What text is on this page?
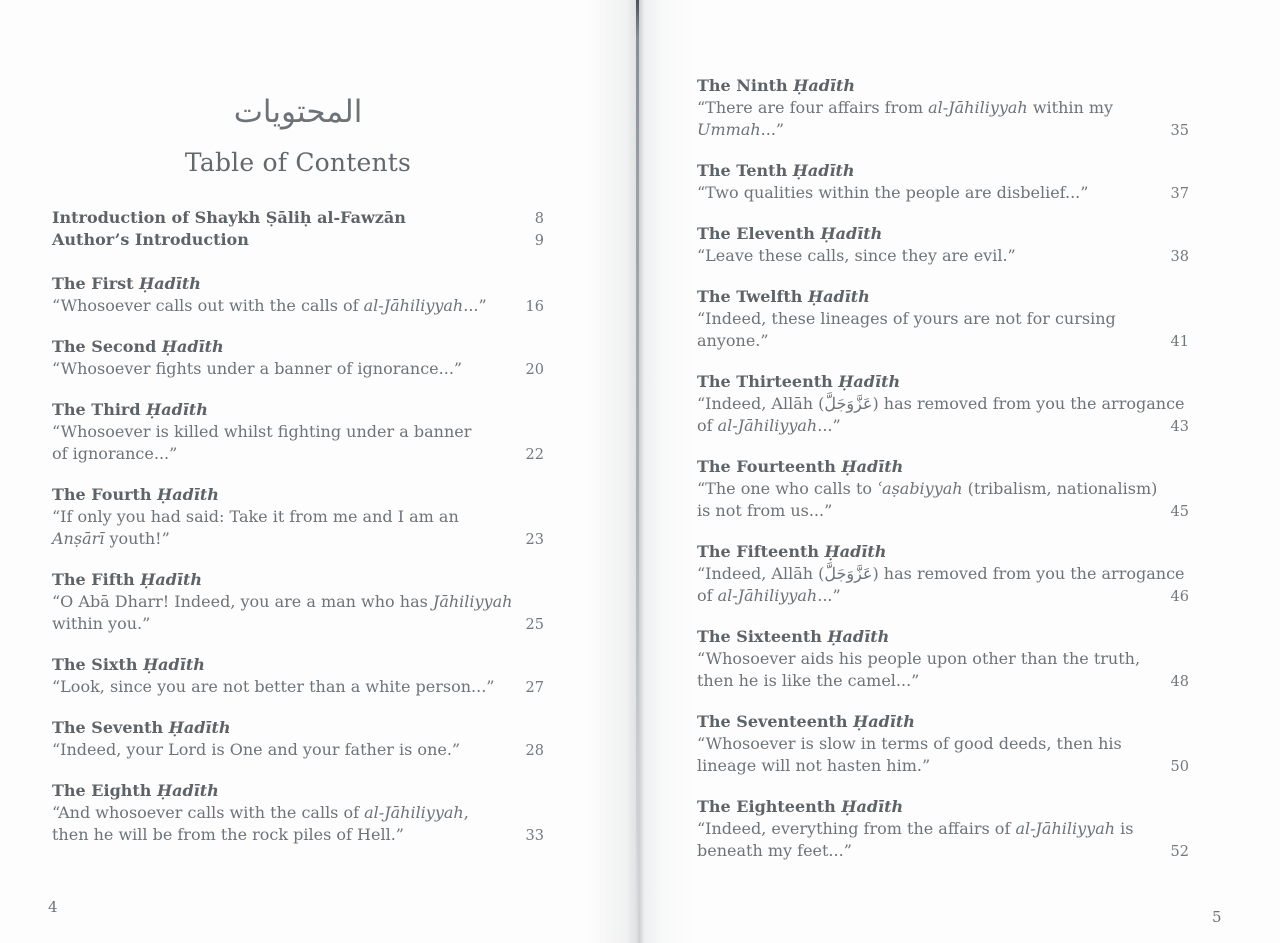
المحتويات
Table of Contents
Introduction of Shaykh Ṣāliḥ al-Fawzān	8
Author’s Introduction	9
The First Ḥadīth
“Whosoever calls out with the calls of al-Jāhiliyyah...”	16
The Second Ḥadīth
“Whosoever fights under a banner of ignorance...”	20
The Third Ḥadīth
“Whosoever is killed whilst fighting under a banner
of ignorance...”	22
The Fourth Ḥadīth
“If only you had said: Take it from me and I am an
Anṣārī youth!”	23
The Fifth Ḥadīth
“O Abā Dharr! Indeed, you are a man who has Jāhiliyyah
within you.”	25
The Sixth Ḥadīth
“Look, since you are not better than a white person...”	27
The Seventh Ḥadīth
“Indeed, your Lord is One and your father is one.”	28
The Eighth Ḥadīth
“And whosoever calls with the calls of al-Jāhiliyyah,
then he will be from the rock piles of Hell.”	33
The Ninth Ḥadīth
“There are four affairs from al-Jāhiliyyah within my
Ummah...”	35
The Tenth Ḥadīth
“Two qualities within the people are disbelief...”	37
The Eleventh Ḥadīth
“Leave these calls, since they are evil.”	38
The Twelfth Ḥadīth
“Indeed, these lineages of yours are not for cursing
anyone.”	41
The Thirteenth Ḥadīth
“Indeed, Allāh (عَزَّوَجَلَّ) has removed from you the arrogance
of al-Jāhiliyyah...”	43
The Fourteenth Ḥadīth
“The one who calls to ʿaṣabiyyah (tribalism, nationalism)
is not from us...”	45
The Fifteenth Ḥadīth
“Indeed, Allāh (عَزَّوَجَلَّ) has removed from you the arrogance
of al-Jāhiliyyah...”	46
The Sixteenth Ḥadīth
“Whosoever aids his people upon other than the truth,
then he is like the camel...”	48
The Seventeenth Ḥadīth
“Whosoever is slow in terms of good deeds, then his
lineage will not hasten him.”	50
The Eighteenth Ḥadīth
“Indeed, everything from the affairs of al-Jāhiliyyah is
beneath my feet...”	52
4
5
